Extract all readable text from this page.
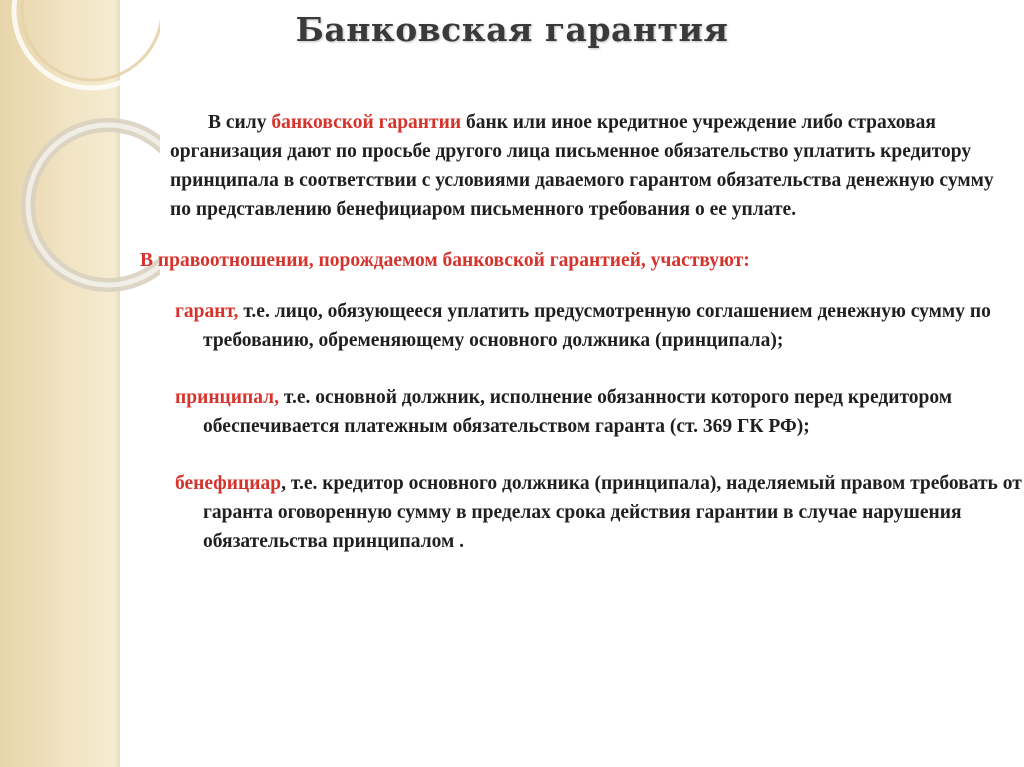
Банковская гарантия

В силу банковской гарантии банк или иное кредитное учреждение либо страховая организация дают по просьбе другого лица письменное обязательство уплатить кредитору принципала в соответствии с условиями даваемого гарантом обязательства денежную сумму по представлению бенефициаром письменного требования о ее уплате.

В правоотношении, порождаемом банковской гарантией, участвуют:

гарант, т.е. лицо, обязующееся уплатить предусмотренную соглашением денежную сумму по требованию, обременяющему основного должника (принципала);

принципал, т.е. основной должник, исполнение обязанности которого перед кредитором обеспечивается платежным обязательством гаранта (ст. 369 ГК РФ);

бенефициар, т.е. кредитор основного должника (принципала), наделяемый правом требовать от гаранта оговоренную сумму в пределах срока действия гарантии в случае нарушения обязательства принципалом .
